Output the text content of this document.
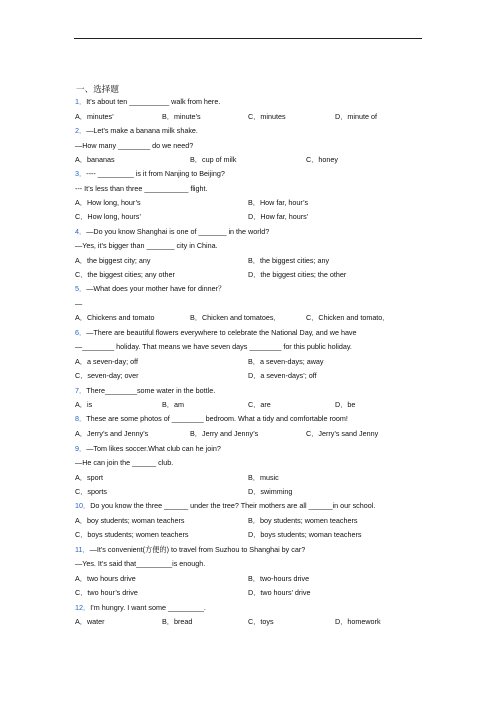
一、选择题
1．It’s about ten __________ walk from here.
A．minutes’	B．minute’s	C．minutes	D．minute of
2．—Let’s make a banana milk shake.
—How many ________ do we need?
A．bananas	B．cup of milk	C．honey
3．---- _________ is it from Nanjing to Beijing?
--- It’s less than three ___________ flight.
A．How long, hour’s	B．How far, hour’s
C．How long, hours’	D．How far, hours’
4．—Do you know Shanghai is one of _______ in the world?
—Yes, it’s bigger than _______ city in China.
A．the biggest city; any	B．the biggest cities; any
C．the biggest cities; any other	D．the biggest cities; the other
5．—What does your mother have for dinner？
—
A．Chickens and tomato	B．Chicken and tomatoes．	C．Chicken and tomato．
6．—There are beautiful flowers everywhere to celebrate the National Day, and we have
—________ holiday. That means we have seven days ________ for this public holiday.
A．a seven-day; off	B．a seven-days; away
C．seven-day; over	D．a seven-days’; off
7．There________some water in the bottle.
A．is	B．am	C．are	D．be
8．These are some photos of ________ bedroom. What a tidy and comfortable room!
A．Jerry’s and Jenny’s	B．Jerry and Jenny’s	C．Jerry’s sand Jenny
9．—Tom likes soccer.What club can he join?
—He can join the ______ club.
A．sport	B．music
C．sports	D．swimming
10．Do you know the three ______ under the tree? Their mothers are all ______in our school.
A．boy students; woman teachers	B．boy students; women teachers
C．boys students; women teachers	D．boys students; woman teachers
11．—It’s convenient(方便的) to travel from Suzhou to Shanghai by car?
—Yes. It’s said that_________is enough.
A．two hours drive	B．two-hours drive
C．two hour’s drive	D．two hours’ drive
12．I’m hungry. I want some _________.
A．water	B．bread	C．toys	D．homework
